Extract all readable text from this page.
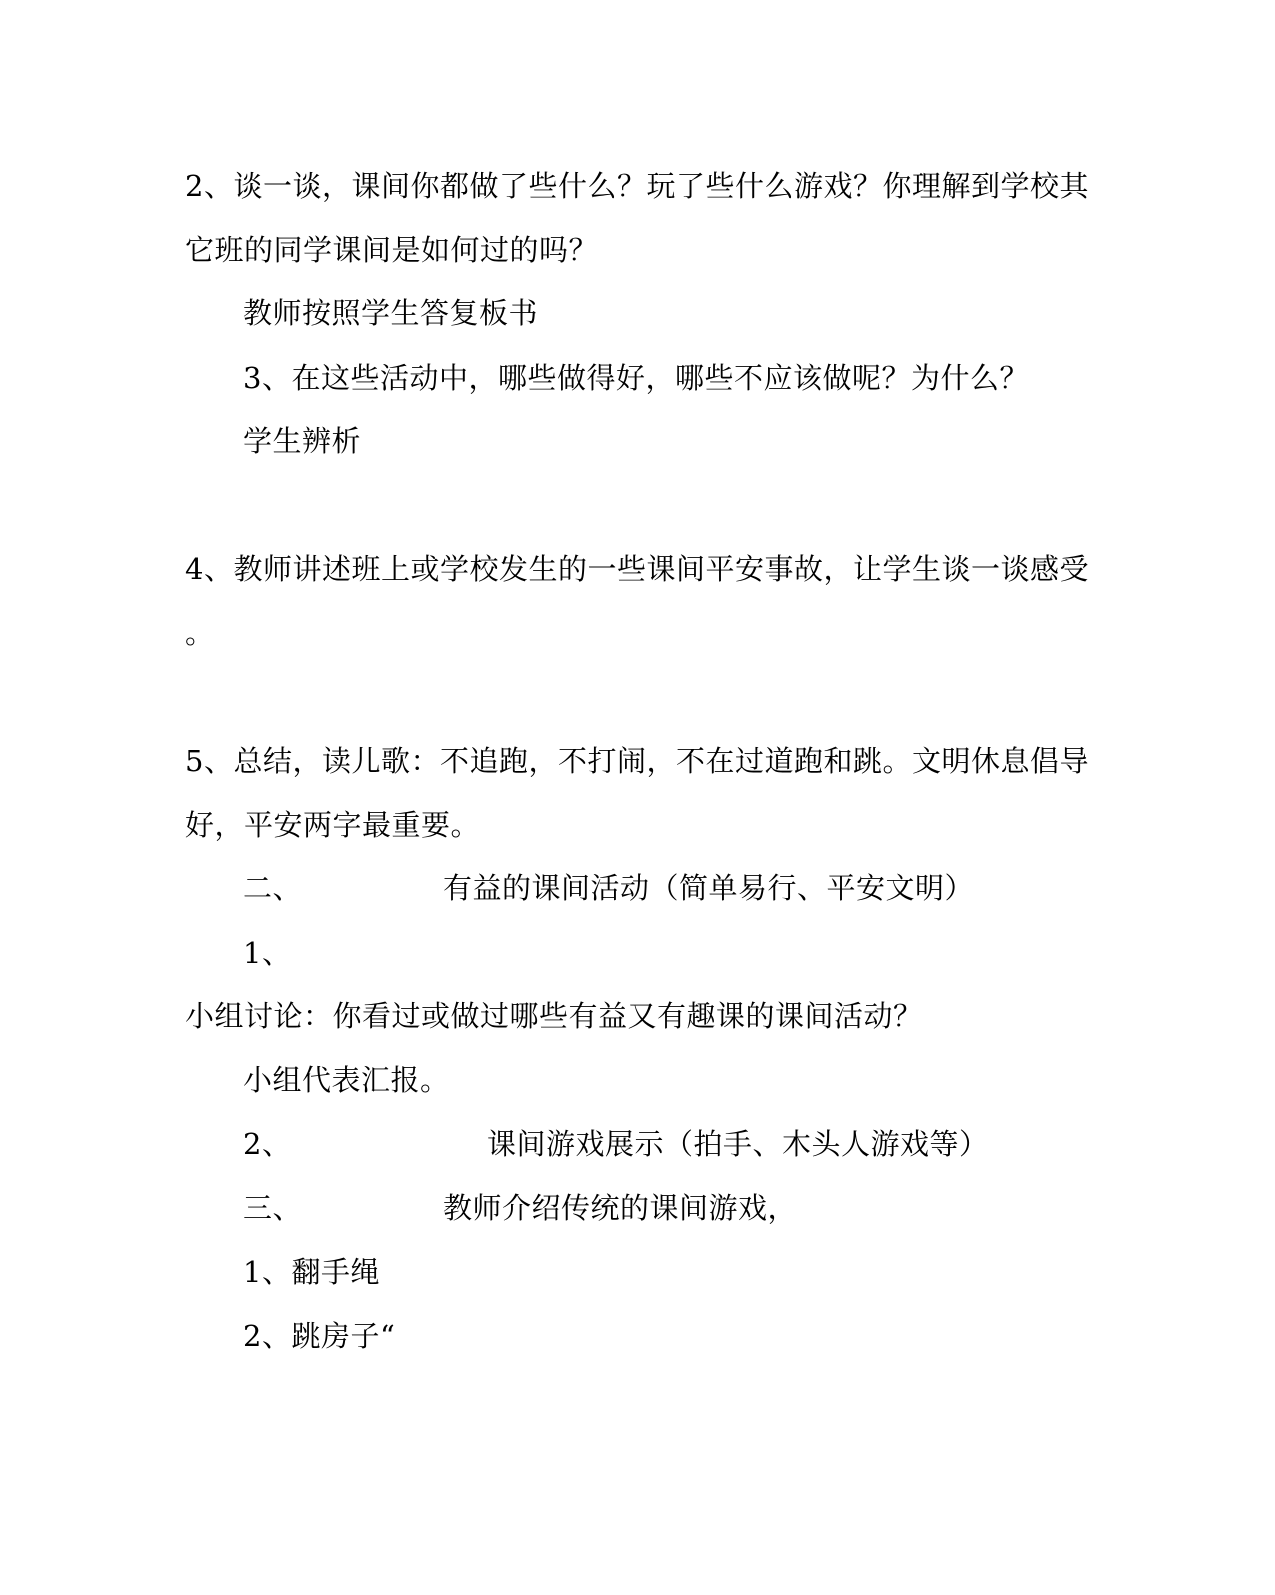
2、谈一谈，课间你都做了些什么？玩了些什么游戏？你理解到学校其
它班的同学课间是如何过的吗？
教师按照学生答复板书
3、在这些活动中，哪些做得好，哪些不应该做呢？为什么？
学生辨析
4、教师讲述班上或学校发生的一些课间平安事故，让学生谈一谈感受
。
5、总结，读儿歌：不追跑，不打闹，不在过道跑和跳。文明休息倡导
好，平安两字最重要。
二、	有益的课间活动（简单易行、平安文明）
1、
小组讨论：你看过或做过哪些有益又有趣课的课间活动？
小组代表汇报。
2、	课间游戏展示（拍手、木头人游戏等）
三、	教师介绍传统的课间游戏，
1、翻手绳
2、跳房子“
